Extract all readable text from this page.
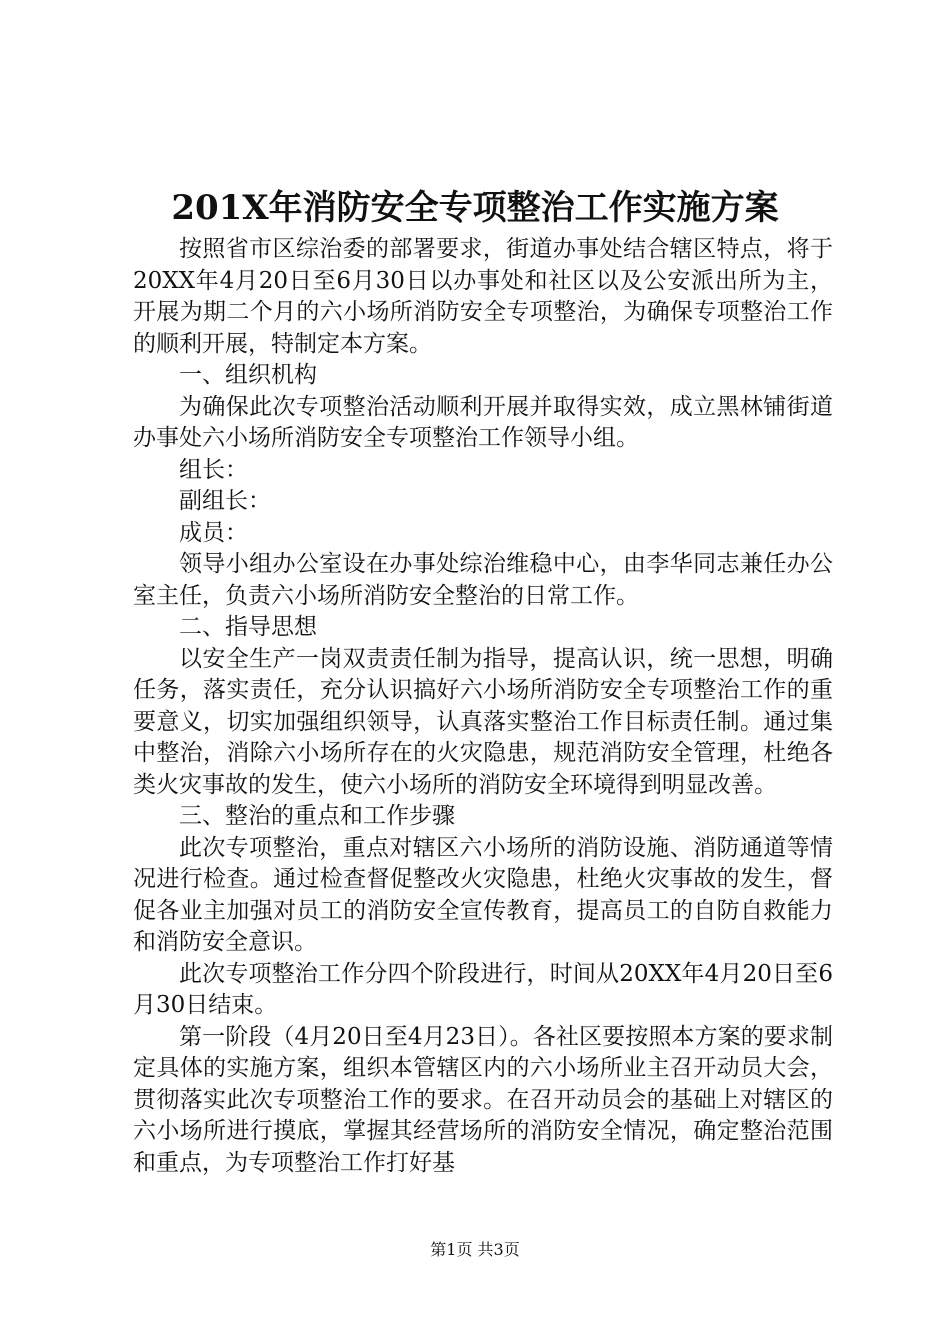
201X年消防安全专项整治工作实施方案

按照省市区综治委的部署要求，街道办事处结合辖区特点，将于20XX年4月20日至6月30日以办事处和社区以及公安派出所为主，开展为期二个月的六小场所消防安全专项整治，为确保专项整治工作的顺利开展，特制定本方案。

一、组织机构

为确保此次专项整治活动顺利开展并取得实效，成立黑林铺街道办事处六小场所消防安全专项整治工作领导小组。

组长：

副组长：

成员：

领导小组办公室设在办事处综治维稳中心，由李华同志兼任办公室主任，负责六小场所消防安全整治的日常工作。

二、指导思想

以安全生产一岗双责责任制为指导，提高认识，统一思想，明确任务，落实责任，充分认识搞好六小场所消防安全专项整治工作的重要意义，切实加强组织领导，认真落实整治工作目标责任制。通过集中整治，消除六小场所存在的火灾隐患，规范消防安全管理，杜绝各类火灾事故的发生，使六小场所的消防安全环境得到明显改善。

三、整治的重点和工作步骤

此次专项整治，重点对辖区六小场所的消防设施、消防通道等情况进行检查。通过检查督促整改火灾隐患，杜绝火灾事故的发生，督促各业主加强对员工的消防安全宣传教育，提高员工的自防自救能力和消防安全意识。

此次专项整治工作分四个阶段进行，时间从20XX年4月20日至6月30日结束。

第一阶段（4月20日至4月23日）。各社区要按照本方案的要求制定具体的实施方案，组织本管辖区内的六小场所业主召开动员大会，贯彻落实此次专项整治工作的要求。在召开动员会的基础上对辖区的六小场所进行摸底，掌握其经营场所的消防安全情况，确定整治范围和重点，为专项整治工作打好基

第1页 共3页
